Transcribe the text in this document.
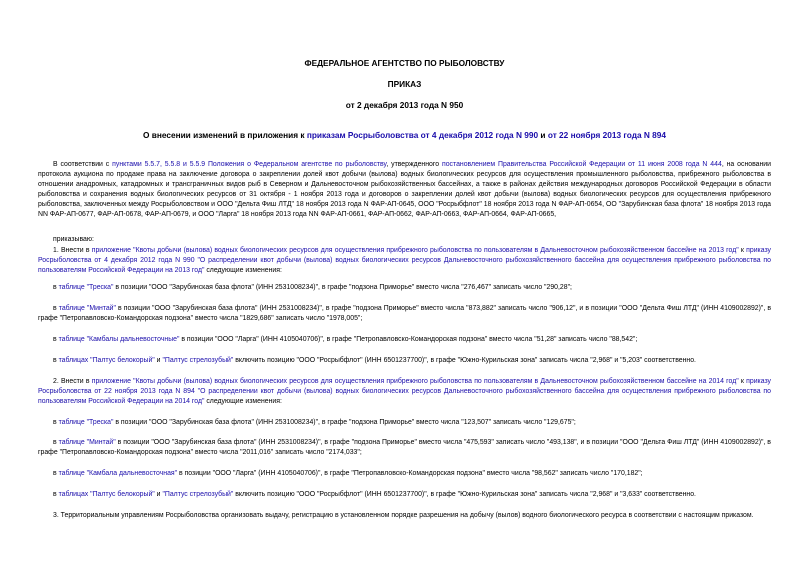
ФЕДЕРАЛЬНОЕ АГЕНТСТВО ПО РЫБОЛОВСТВУ
ПРИКАЗ
от 2 декабря 2013 года N 950
О внесении изменений в приложения к приказам Росрыболовства от 4 декабря 2012 года N 990 и от 22 ноября 2013 года N 894
В соответствии с пунктами 5.5.7, 5.5.8 и 5.5.9 Положения о Федеральном агентстве по рыболовству, утвержденного постановлением Правительства Российской Федерации от 11 июня 2008 года N 444, на основании протокола аукциона по продаже права на заключение договора о закреплении долей квот добычи (вылова) водных биологических ресурсов для осуществления промышленного рыболовства, прибрежного рыболовства в отношении анадромных, катадромных и трансграничных видов рыб в Северном и Дальневосточном рыбохозяйственных бассейнах, а также в районах действия международных договоров Российской Федерации в области рыболовства и сохранения водных биологических ресурсов от 31 октября - 1 ноября 2013 года и договоров о закреплении долей квот добычи (вылова) водных биологических ресурсов для осуществления прибрежного рыболовства, заключенных между Росрыболовством и ООО "Дельта Фиш ЛТД" 18 ноября 2013 года N ФАР-АП-0645, ООО "Росрыбфлот" 18 ноября 2013 года N ФАР-АП-0654, ОО "Зарубинская база флота" 18 ноября 2013 года NN ФАР-АП-0677, ФАР-АП-0678, ФАР-АП-0679, и ООО "Ларга" 18 ноября 2013 года NN ФАР-АП-0661, ФАР-АП-0662, ФАР-АП-0663, ФАР-АП-0664, ФАР-АП-0665,
приказываю:
1. Внести в приложение "Квоты добычи (вылова) водных биологических ресурсов для осуществления прибрежного рыболовства по пользователям в Дальневосточном рыбохозяйственном бассейне на 2013 год" к приказу Росрыболовства от 4 декабря 2012 года N 990 "О распределении квот добычи (вылова) водных биологических ресурсов Дальневосточного рыбохозяйственного бассейна для осуществления прибрежного рыболовства по пользователям Российской Федерации на 2013 год" следующие изменения:
в таблице "Треска" в позиции "ООО "Зарубинская база флота" (ИНН 2531008234)", в графе "подзона Приморье" вместо числа "276,467" записать число "290,28";
в таблице "Минтай" в позиции "ООО "Зарубинская база флота" (ИНН 2531008234)", в графе "подзона Приморье" вместо числа "873,882" записать число "906,12", и в позиции "ООО "Дельта Фиш ЛТД" (ИНН 4109002892)", в графе "Петропавловско-Командорская подзона" вместо числа "1829,686" записать число "1978,005";
в таблице "Камбалы дальневосточные" в позиции "ООО "Ларга" (ИНН 4105040706)", в графе "Петропавловско-Командорская подзона" вместо числа "51,28" записать число "88,542";
в таблицах "Палтус белокорый" и "Палтус стрелозубый" включить позицию "ООО "Росрыбфлот" (ИНН 6501237700)", в графе "Южно-Курильская зона" записать числа "2,968" и "5,203" соответственно.
2. Внести в приложение "Квоты добычи (вылова) водных биологических ресурсов для осуществления прибрежного рыболовства по пользователям в Дальневосточном рыбохозяйственном бассейне на 2014 год" к приказу Росрыболовства от 22 ноября 2013 года N 894 "О распределении квот добычи (вылова) водных биологических ресурсов Дальневосточного рыбохозяйственного бассейна для осуществления прибрежного рыболовства по пользователям Российской Федерации на 2014 год" следующие изменения:
в таблице "Треска" в позиции "ООО "Зарубинская база флота" (ИНН 2531008234)", в графе "подзона Приморье" вместо числа "123,507" записать число "129,675";
в таблице "Минтай" в позиции "ООО "Зарубинская база флота" (ИНН 2531008234)", в графе "подзона Приморье" вместо числа "475,593" записать число "493,138", и в позиции "ООО "Дельта Фиш ЛТД" (ИНН 4109002892)", в графе "Петропавловско-Командорская подзона" вместо числа "2011,016" записать число "2174,033";
в таблице "Камбала дальневосточная" в позиции "ООО "Ларга" (ИНН 4105040706)", в графе "Петропавловско-Командорская подзона" вместо числа "98,562" записать число "170,182";
в таблицах "Палтус белокорый" и "Палтус стрелозубый" включить позицию "ООО "Росрыбфлот" (ИНН 6501237700)", в графе "Южно-Курильская зона" записать числа "2,968" и "3,633" соответственно.
3. Территориальным управлениям Росрыболовства организовать выдачу, регистрацию в установленном порядке разрешения на добычу (вылов) водного биологического ресурса в соответствии с настоящим приказом.
